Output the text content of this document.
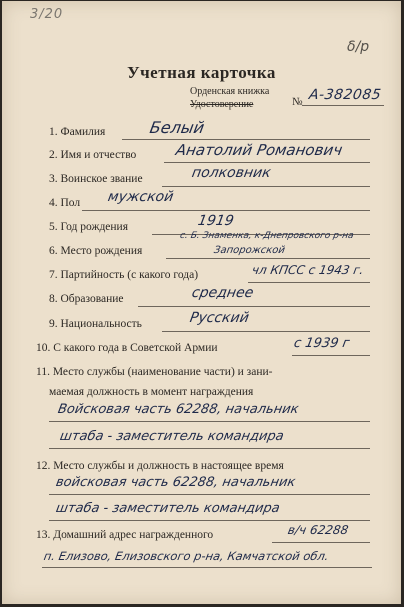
3/20
δ/р
Учетная карточка
Орденская книжка
Удостоверение	№ А-382085
1. Фамилия	Белый
2. Имя и отчество	Анатолий Романович
3. Воинское звание	полковник
4. Пол мужской
5. Год рождения	1919
с. Б. Знаменка, к-Днепровского р-на
6. Место рождения	Запорожской
7. Партийность (с какого года)	чл КПСС с 1943 г.
8. Образование	среднее
9. Национальность	Русский
10. С какого года в Советской Армии	с 1939 г
11. Место службы (наименование части) и зани-
маемая должность в момент награждения
Войсковая часть 62288, начальник
штаба - заместитель командира
12. Место службы и должность в настоящее время
войсковая часть 62288, начальник
штаба - заместитель командира
13. Домашний адрес награжденного	в/ч 62288
п. Елизово, Елизовского р-на, Камчатской обл.
